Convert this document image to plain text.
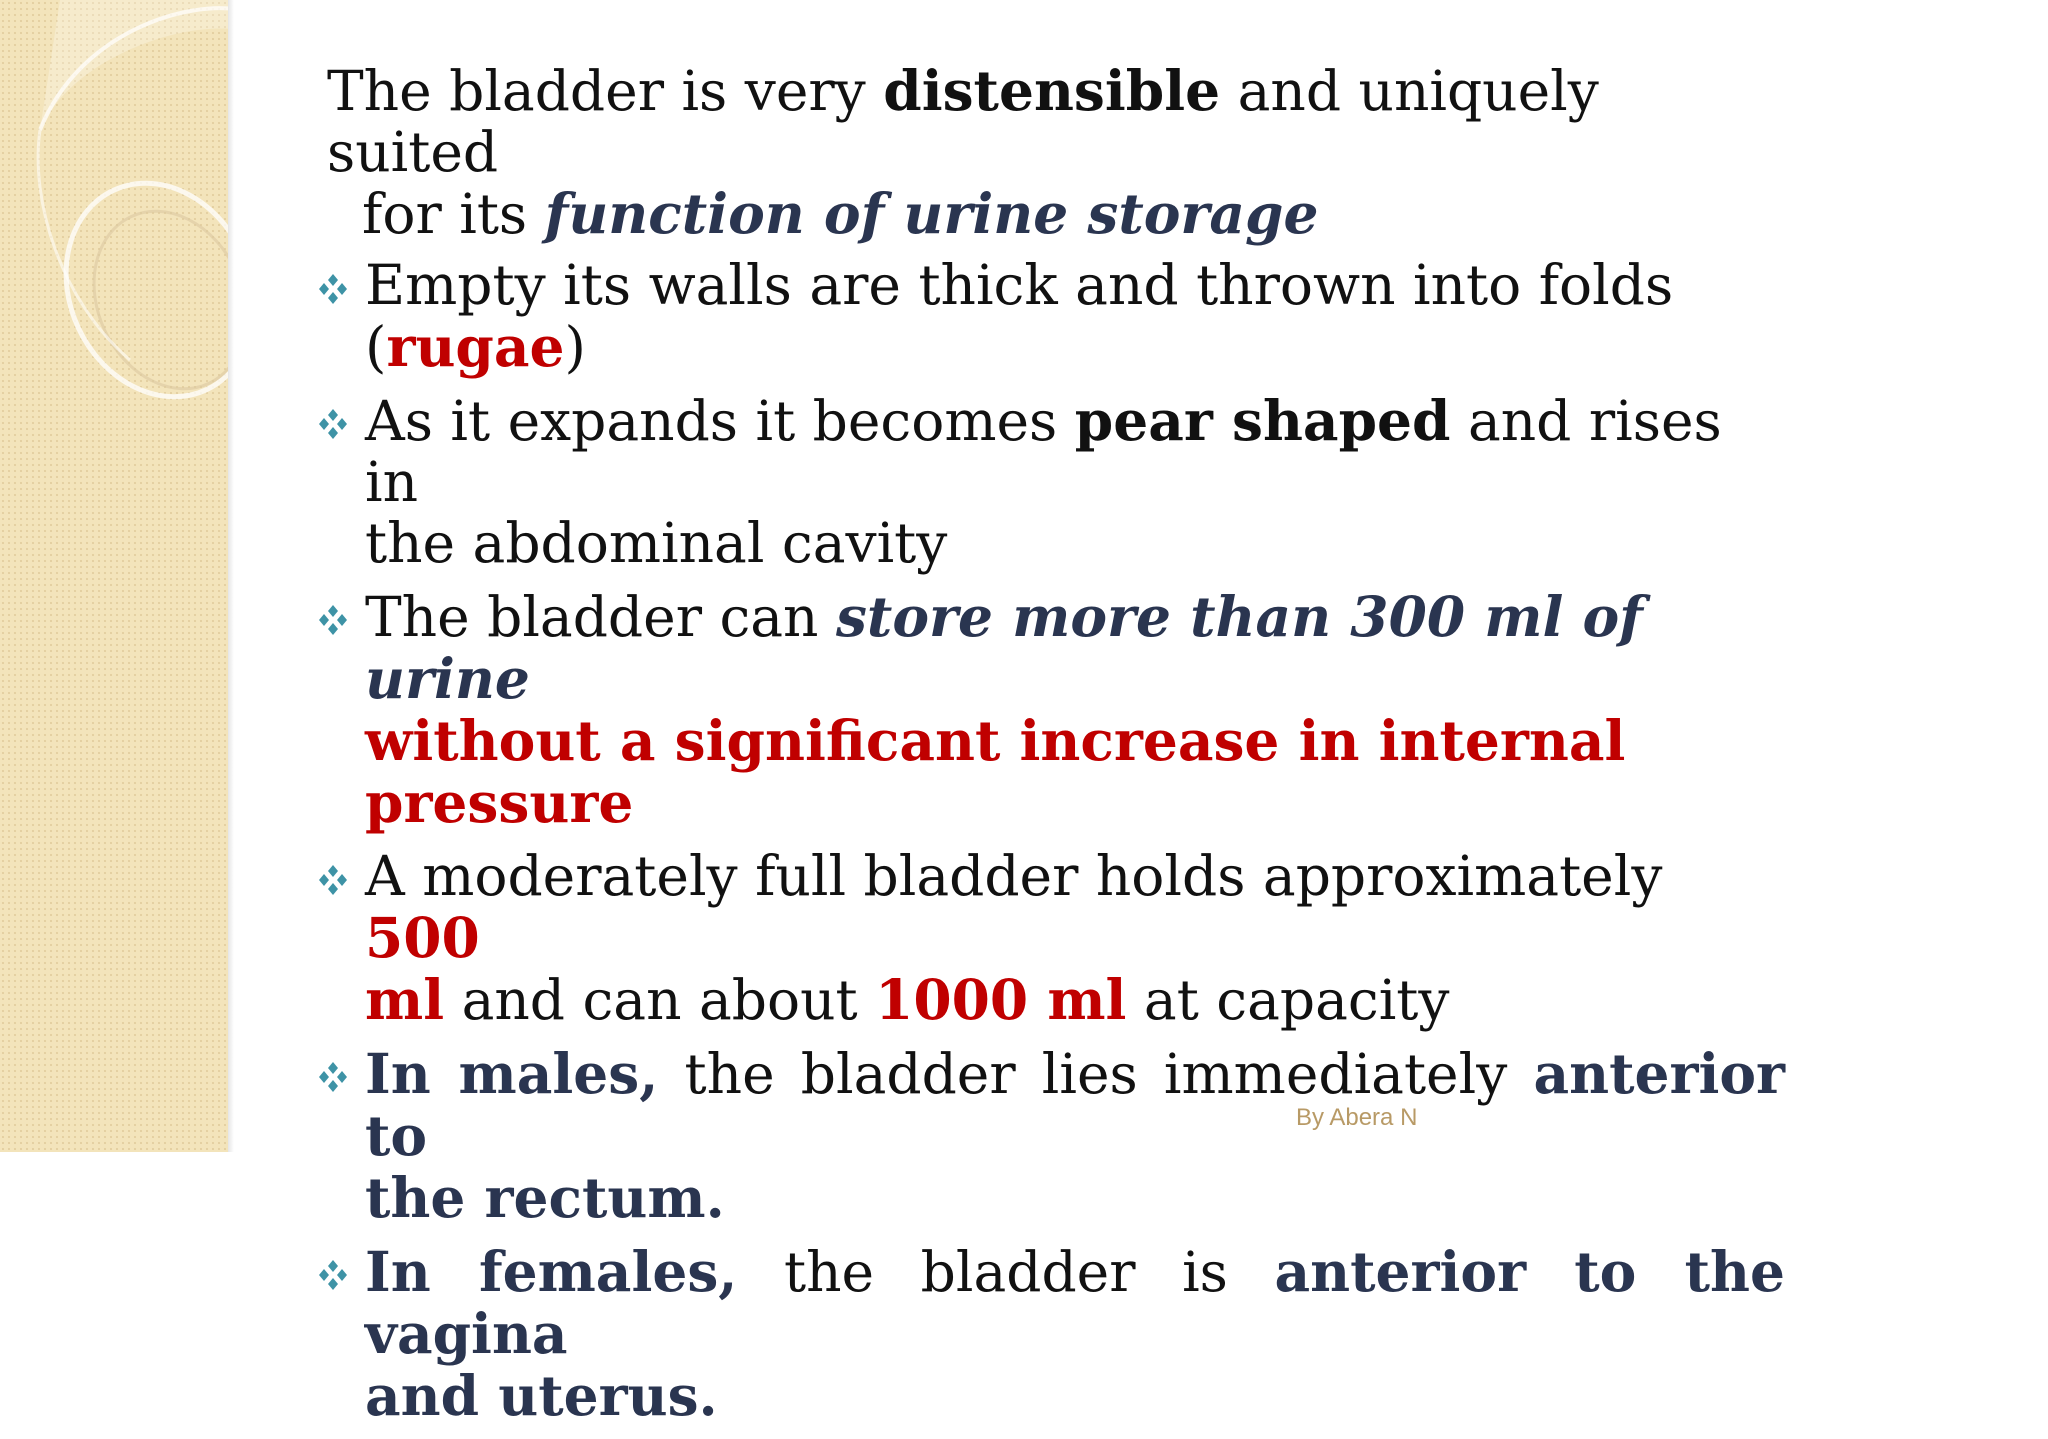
The bladder is very distensible and uniquely suited
for its function of urine storage
Empty its walls are thick and thrown into folds
(rugae)
As it expands it becomes pear shaped and rises in
the abdominal cavity
The bladder can store more than 300 ml of urine
without a significant increase in internal
pressure
A moderately full bladder holds approximately 500
ml and can about 1000 ml at capacity
In males, the bladder lies immediately anterior to
the rectum.
In females, the bladder is anterior to the vagina
and uterus.
By Abera N
